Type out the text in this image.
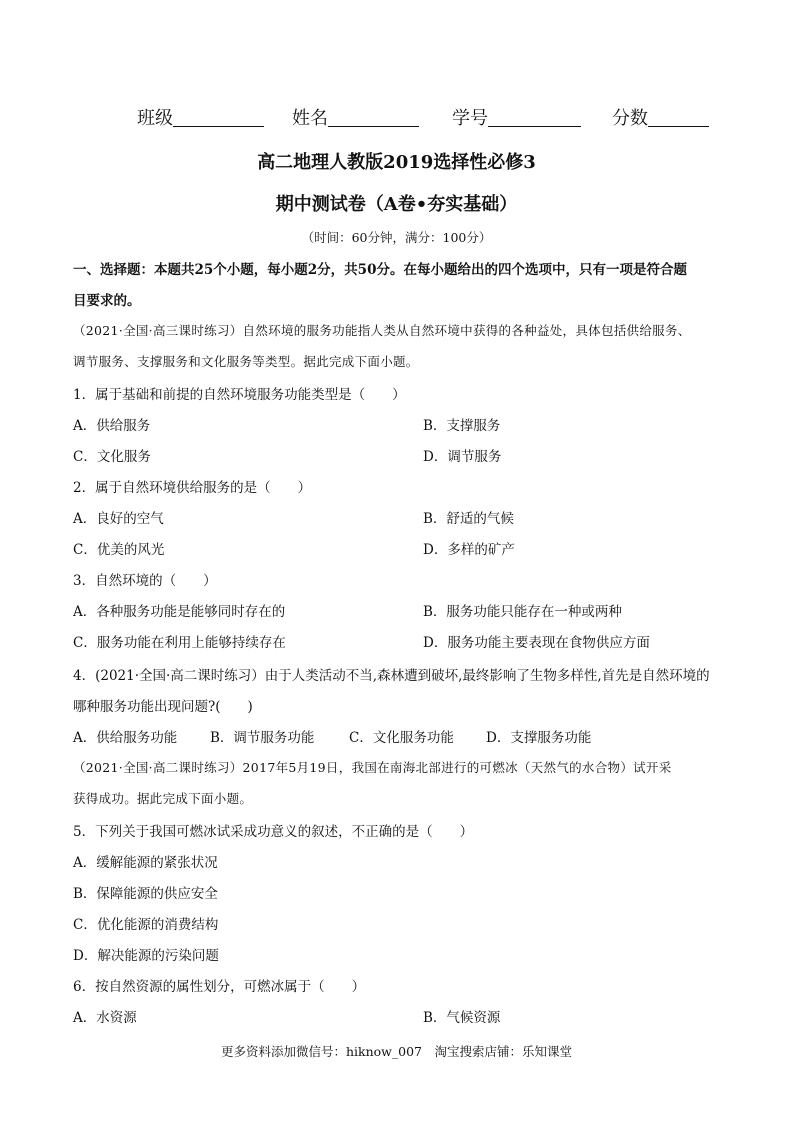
班级	姓名	学号	分数
高二地理人教版2019选择性必修3
期中测试卷（A卷•夯实基础）
（时间：60分钟，满分：100分）
一、选择题：本题共25个小题，每小题2分，共50分。在每小题给出的四个选项中，只有一项是符合题
目要求的。
（2021·全国·高三课时练习）自然环境的服务功能指人类从自然环境中获得的各种益处，具体包括供给服务、
调节服务、支撑服务和文化服务等类型。据此完成下面小题。
1．属于基础和前提的自然环境服务功能类型是（　　）
A．供给服务	B．支撑服务
C．文化服务	D．调节服务
2．属于自然环境供给服务的是（　　）
A．良好的空气	B．舒适的气候
C．优美的风光	D．多样的矿产
3．自然环境的（　　）
A．各种服务功能是能够同时存在的	B．服务功能只能存在一种或两种
C．服务功能在利用上能够持续存在	D．服务功能主要表现在食物供应方面
4．(2021·全国·高二课时练习）由于人类活动不当,森林遭到破坏,最终影响了生物多样性,首先是自然环境的
哪种服务功能出现问题?(　　)
A．供给服务功能 B．调节服务功能	C．文化服务功能 D．支撑服务功能
（2021·全国·高二课时练习）2017年5月19日，我国在南海北部进行的可燃冰（天然气的水合物）试开采
获得成功。据此完成下面小题。
5．下列关于我国可燃冰试采成功意义的叙述，不正确的是（　　）
A．缓解能源的紧张状况
B．保障能源的供应安全
C．优化能源的消费结构
D．解决能源的污染问题
6．按自然资源的属性划分，可燃冰属于（　　）
A．水资源	B．气候资源
更多资料添加微信号：hiknow_007　淘宝搜索店铺：乐知课堂
